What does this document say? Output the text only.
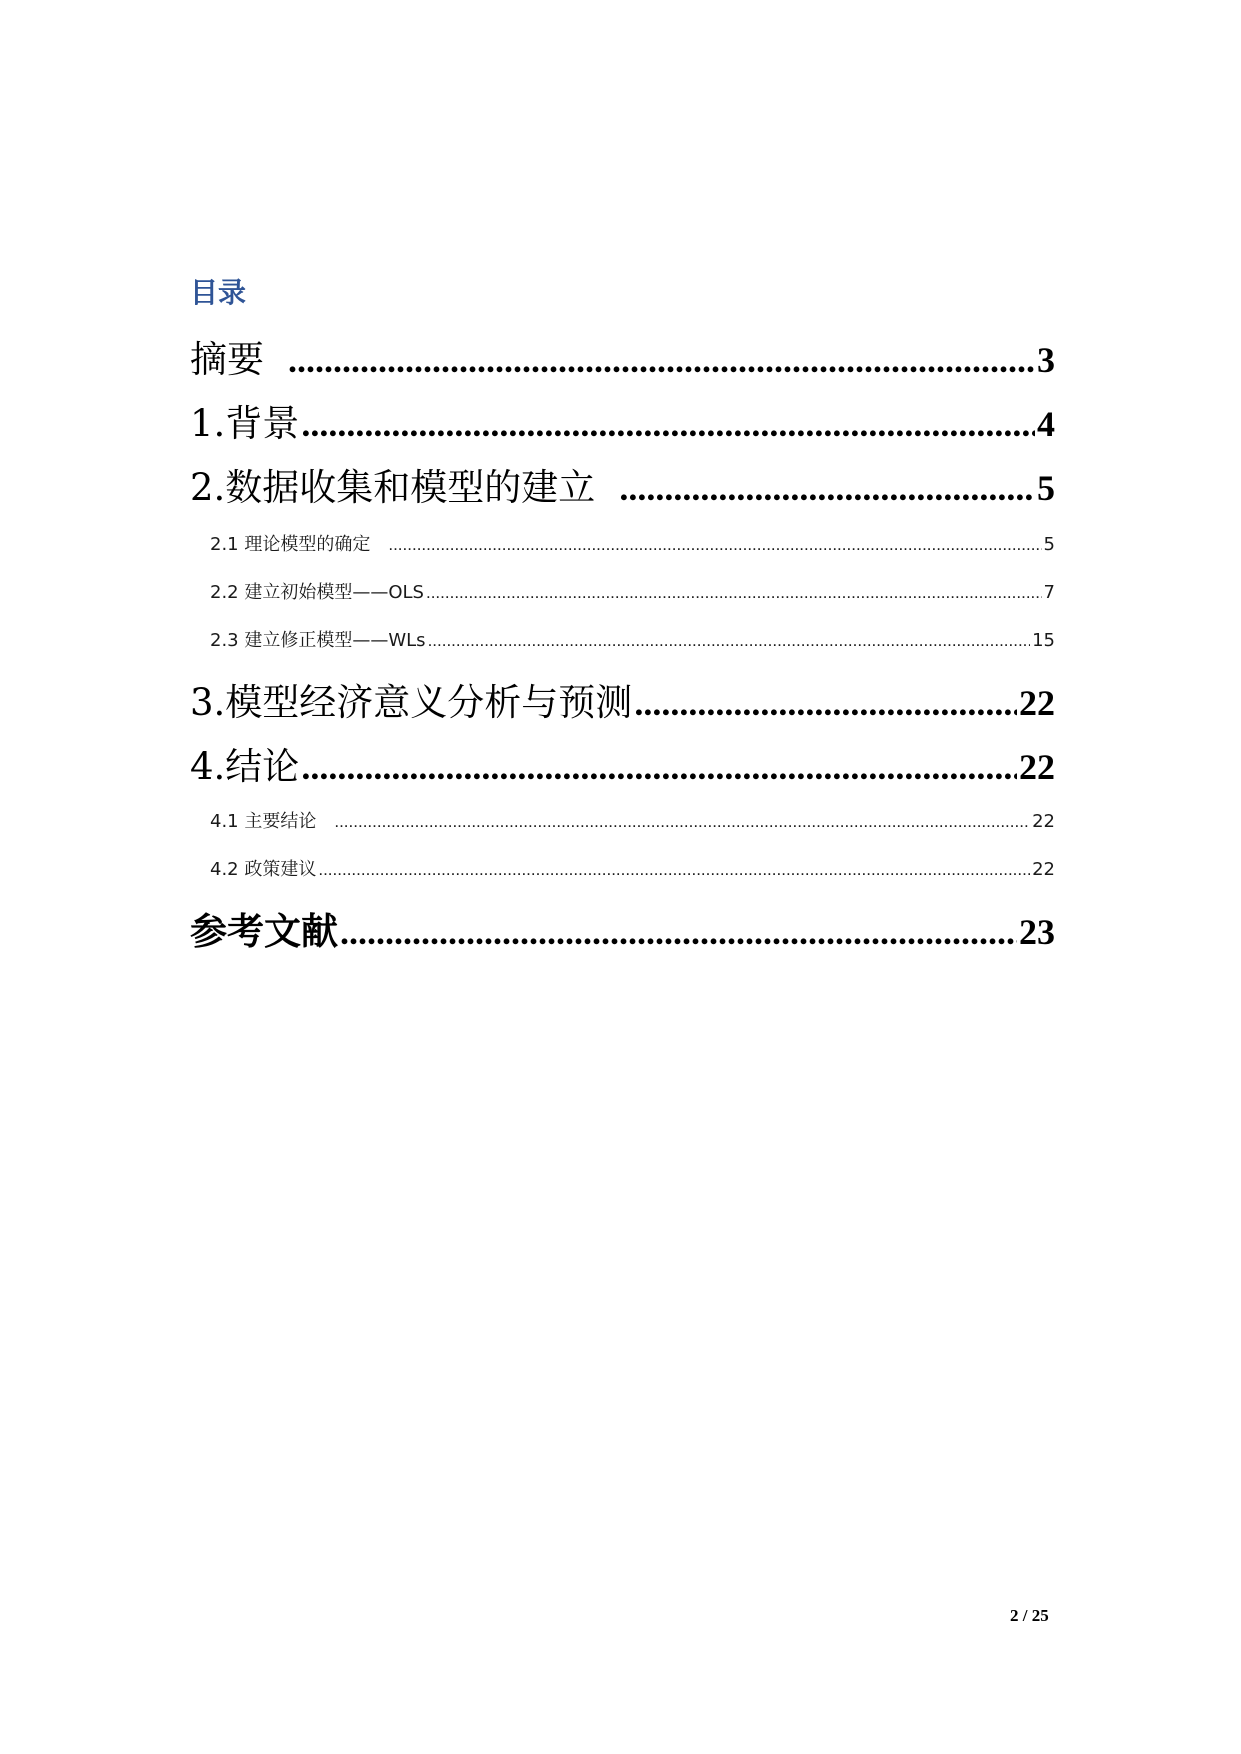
目录
摘要 .....	3
1.背景 .....	4
2.数据收集和模型的建立 .....	5
2.1 理论模型的确定 .....	5
2.2 建立初始模型——OLS .....	7
2.3 建立修正模型——WLs .....	15
3.模型经济意义分析与预测 .....	22
4.结论 .....	22
4.1 主要结论 .....	22
4.2 政策建议 .....	22
参考文献 .....	23
2 / 25
